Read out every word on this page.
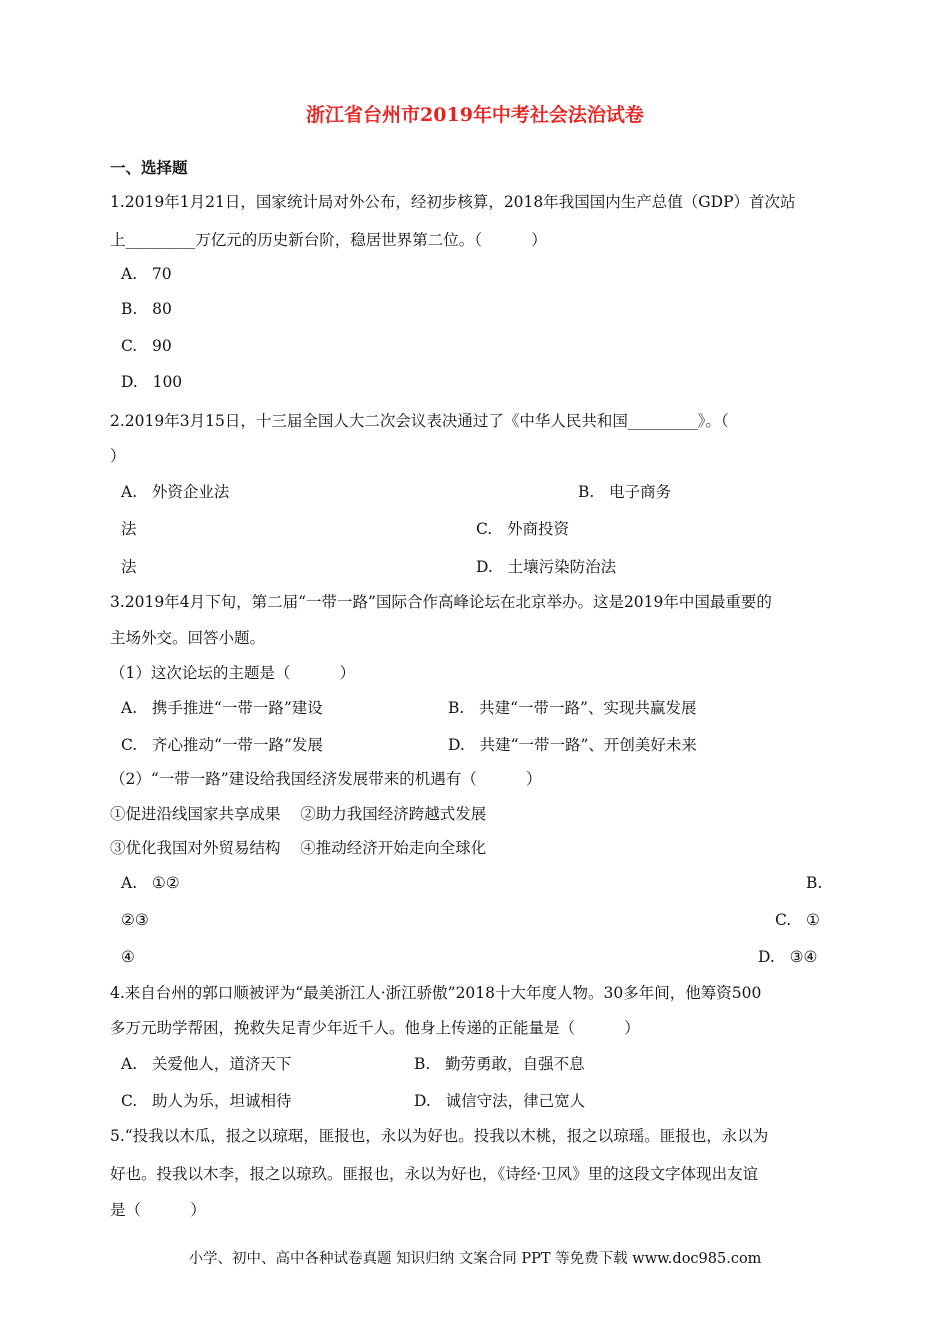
浙江省台州市2019年中考社会法治试卷
一、选择题
1.2019年1月21日，国家统计局对外公布，经初步核算，2018年我国国内生产总值（GDP）首次站
上_________万亿元的历史新台阶，稳居世界第二位。（          ）
A.   70
B.   80
C.   90
D.   100
2.2019年3月15日，十三届全国人大二次会议表决通过了《中华人民共和国_________》。（
）
A.   外资企业法	B.   电子商务
法	C.   外商投资
法	D.   土壤污染防治法
3.2019年4月下旬，第二届“一带一路”国际合作高峰论坛在北京举办。这是2019年中国最重要的
主场外交。回答小题。
（1）这次论坛的主题是（          ）
A.   携手推进“一带一路”建设	B.   共建“一带一路”、实现共赢发展
C.   齐心推动“一带一路”发展	D.   共建“一带一路”、开创美好未来
（2）“一带一路”建设给我国经济发展带来的机遇有（          ）
①促进沿线国家共享成果    ②助力我国经济跨越式发展
③优化我国对外贸易结构    ④推动经济开始走向全球化
A.   ①②	B.
②③	C.   ①
④	D.   ③④
4.来自台州的郭口顺被评为“最美浙江人·浙江骄傲”2018十大年度人物。30多年间，他筹资500
多万元助学帮困，挽救失足青少年近千人。他身上传递的正能量是（          ）
A.   关爱他人，道济天下	B.   勤劳勇敢，自强不息
C.   助人为乐，坦诚相待	D.   诚信守法，律己宽人
5.“投我以木瓜，报之以琼琚，匪报也，永以为好也。投我以木桃，报之以琼瑶。匪报也，永以为
好也。投我以木李，报之以琼玖。匪报也，永以为好也，《诗经·卫风》里的这段文字体现出友谊
是（          ）
小学、初中、高中各种试卷真题 知识归纳 文案合同 PPT 等免费下载 www.doc985.com
